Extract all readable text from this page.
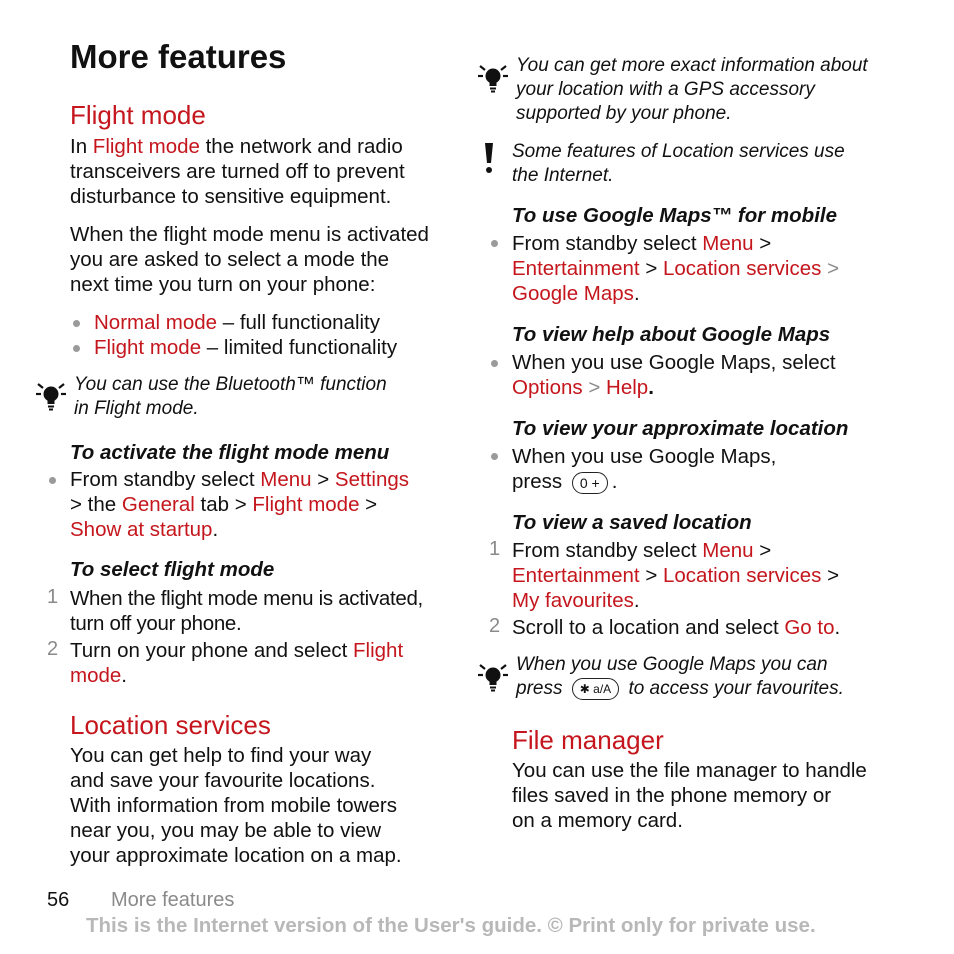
More features
Flight mode
In Flight mode the network and radio
transceivers are turned off to prevent
disturbance to sensitive equipment.
When the flight mode menu is activated
you are asked to select a mode the
next time you turn on your phone:
Normal mode – full functionality
Flight mode – limited functionality
You can use the Bluetooth™ function
in Flight mode.
To activate the flight mode menu
From standby select Menu > Settings
> the General tab > Flight mode >
Show at startup.
To select flight mode
1 When the flight mode menu is activated,
turn off your phone.
2 Turn on your phone and select Flight
mode.
Location services
You can get help to find your way
and save your favourite locations.
With information from mobile towers
near you, you may be able to view
your approximate location on a map.
You can get more exact information about
your location with a GPS accessory
supported by your phone.
Some features of Location services use
the Internet.
To use Google Maps™ for mobile
From standby select Menu >
Entertainment > Location services >
Google Maps.
To view help about Google Maps
When you use Google Maps, select
Options > Help.
To view your approximate location
When you use Google Maps,
press 0 + .
To view a saved location
1 From standby select Menu >
Entertainment > Location services >
My favourites.
2 Scroll to a location and select Go to.
When you use Google Maps you can
press ✱ a/A to access your favourites.
File manager
You can use the file manager to handle
files saved in the phone memory or
on a memory card.
56 More features
This is the Internet version of the User's guide. © Print only for private use.
